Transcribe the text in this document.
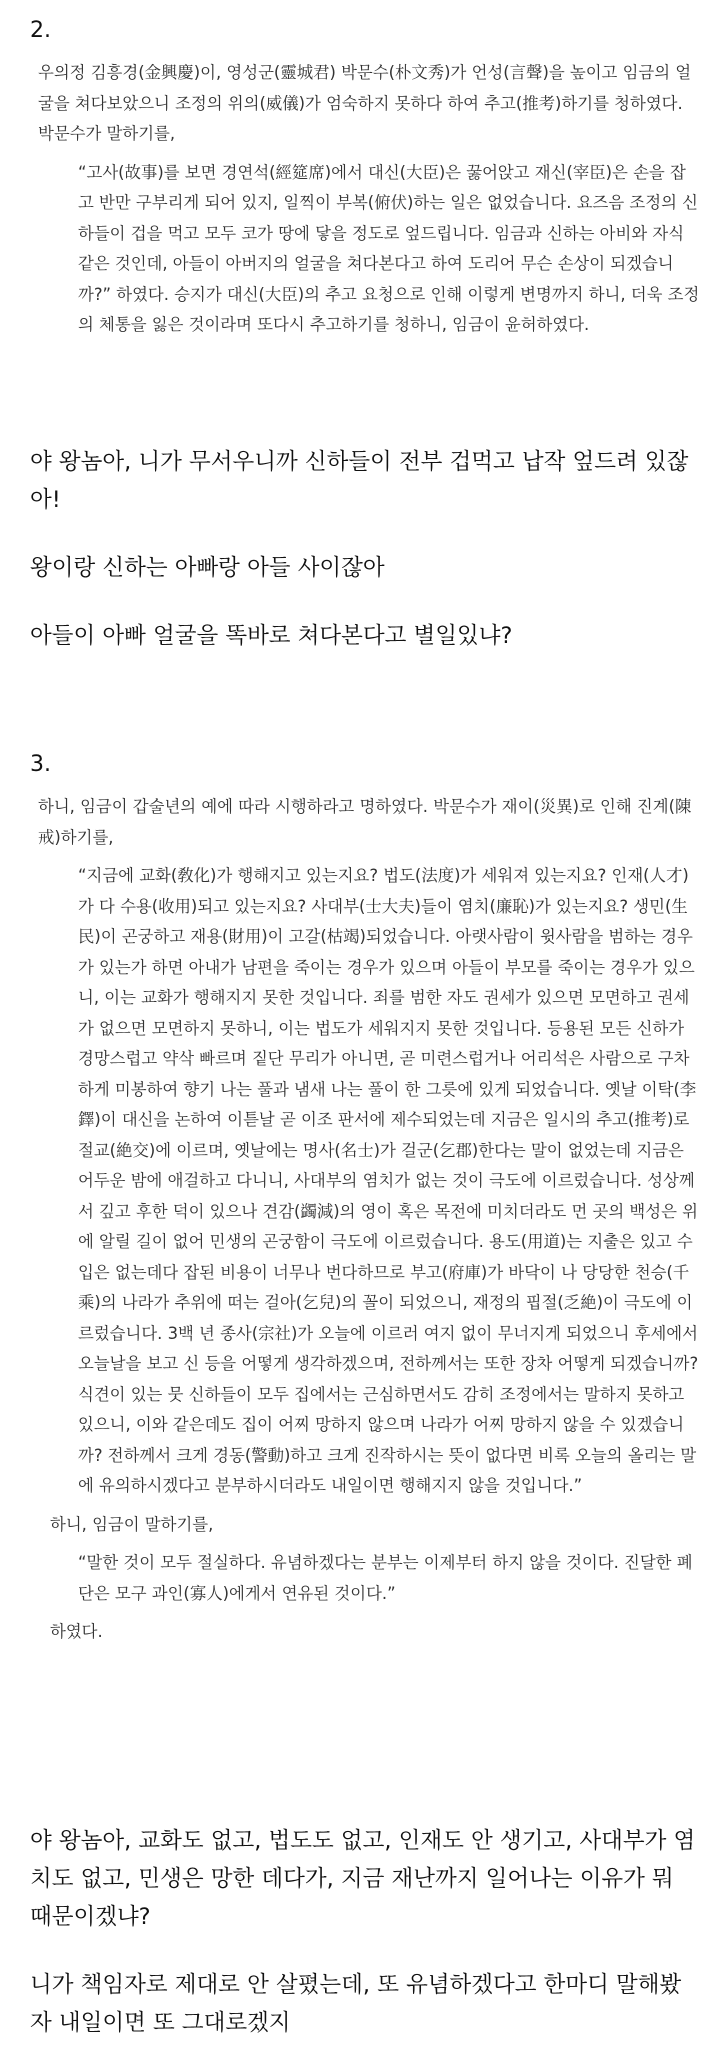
2.

우의정 김흥경(金興慶)이, 영성군(靈城君) 박문수(朴文秀)가 언성(言聲)을 높이고 임금의 얼굴을 쳐다보았으니 조정의 위의(威儀)가 엄숙하지 못하다 하여 추고(推考)하기를 청하였다. 박문수가 말하기를,

“고사(故事)를 보면 경연석(經筵席)에서 대신(大臣)은 꿇어앉고 재신(宰臣)은 손을 잡고 반만 구부리게 되어 있지, 일찍이 부복(俯伏)하는 일은 없었습니다. 요즈음 조정의 신하들이 겁을 먹고 모두 코가 땅에 닿을 정도로 엎드립니다. 임금과 신하는 아비와 자식 같은 것인데, 아들이 아버지의 얼굴을 쳐다본다고 하여 도리어 무슨 손상이 되겠습니까?” 하였다. 승지가 대신(大臣)의 추고 요청으로 인해 이렇게 변명까지 하니, 더욱 조정의 체통을 잃은 것이라며 또다시 추고하기를 청하니, 임금이 윤허하였다.

야 왕놈아, 니가 무서우니까 신하들이 전부 겁먹고 납작 엎드려 있잖아!

왕이랑 신하는 아빠랑 아들 사이잖아

아들이 아빠 얼굴을 똑바로 쳐다본다고 별일있냐?

3.

하니, 임금이 갑술년의 예에 따라 시행하라고 명하였다. 박문수가 재이(災異)로 인해 진계(陳戒)하기를,

“지금에 교화(敎化)가 행해지고 있는지요? 법도(法度)가 세워져 있는지요? 인재(人才)가 다 수용(收用)되고 있는지요? 사대부(士大夫)들이 염치(廉恥)가 있는지요? 생민(生民)이 곤궁하고 재용(財用)이 고갈(枯竭)되었습니다. 아랫사람이 윗사람을 범하는 경우가 있는가 하면 아내가 남편을 죽이는 경우가 있으며 아들이 부모를 죽이는 경우가 있으니, 이는 교화가 행해지지 못한 것입니다. 죄를 범한 자도 권세가 있으면 모면하고 권세가 없으면 모면하지 못하니, 이는 법도가 세워지지 못한 것입니다. 등용된 모든 신하가 경망스럽고 약삭 빠르며 짙단 무리가 아니면, 곧 미련스럽거나 어리석은 사람으로 구차하게 미봉하여 향기 나는 풀과 냄새 나는 풀이 한 그릇에 있게 되었습니다. 옛날 이탁(李鐸)이 대신을 논하여 이튿날 곧 이조 판서에 제수되었는데 지금은 일시의 추고(推考)로 절교(絶交)에 이르며, 옛날에는 명사(名士)가 걸군(乞郡)한다는 말이 없었는데 지금은 어두운 밤에 애걸하고 다니니, 사대부의 염치가 없는 것이 극도에 이르렀습니다. 성상께서 깊고 후한 덕이 있으나 견감(蠲減)의 영이 혹은 목전에 미치더라도 먼 곳의 백성은 위에 알릴 길이 없어 민생의 곤궁함이 극도에 이르렀습니다. 용도(用道)는 지출은 있고 수입은 없는데다 잡된 비용이 너무나 번다하므로 부고(府庫)가 바닥이 나 당당한 천승(千乘)의 나라가 추위에 떠는 걸아(乞兒)의 꼴이 되었으니, 재정의 핍절(乏絶)이 극도에 이르렀습니다. 3백 년 종사(宗社)가 오늘에 이르러 여지 없이 무너지게 되었으니 후세에서 오늘날을 보고 신 등을 어떻게 생각하겠으며, 전하께서는 또한 장차 어떻게 되겠습니까? 식견이 있는 뭇 신하들이 모두 집에서는 근심하면서도 감히 조정에서는 말하지 못하고 있으니, 이와 같은데도 집이 어찌 망하지 않으며 나라가 어찌 망하지 않을 수 있겠습니까? 전하께서 크게 경동(警動)하고 크게 진작하시는 뜻이 없다면 비록 오늘의 올리는 말에 유의하시겠다고 분부하시더라도 내일이면 행해지지 않을 것입니다.”

하니, 임금이 말하기를,

“말한 것이 모두 절실하다. 유념하겠다는 분부는 이제부터 하지 않을 것이다. 진달한 폐단은 모구 과인(寡人)에게서 연유된 것이다.”

하였다.

야 왕놈아, 교화도 없고, 법도도 없고, 인재도 안 생기고, 사대부가 염치도 없고, 민생은 망한 데다가, 지금 재난까지 일어나는 이유가 뭐 때문이겠냐?

니가 책임자로 제대로 안 살폈는데, 또 유념하겠다고 한마디 말해봤자 내일이면 또 그대로겠지
